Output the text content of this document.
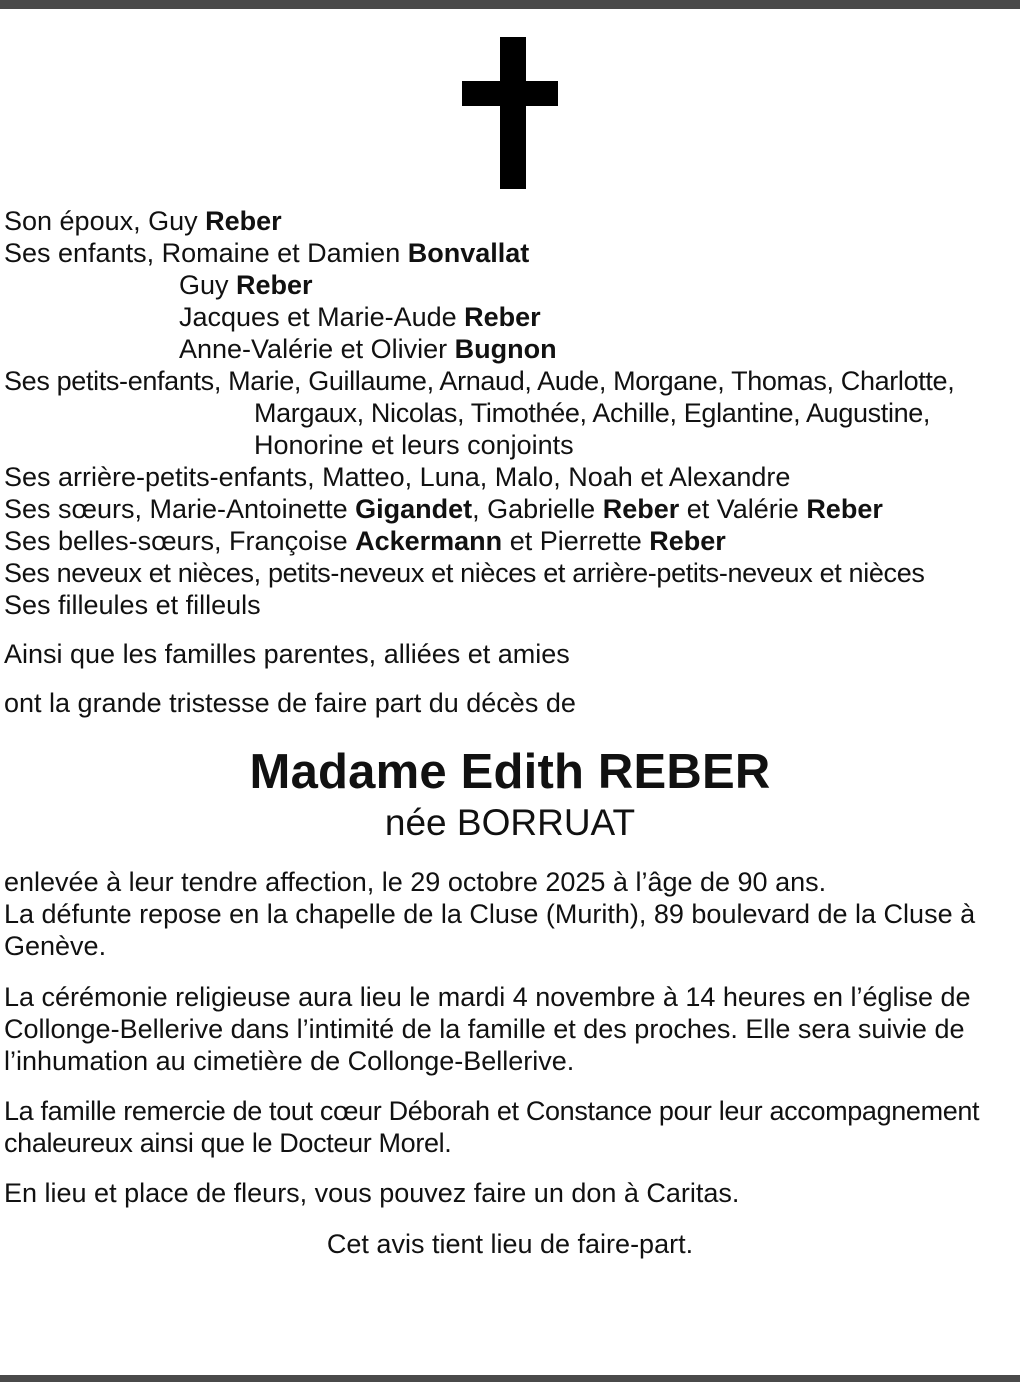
Son époux, Guy Reber
Ses enfants, Romaine et Damien Bonvallat
Guy Reber
Jacques et Marie-Aude Reber
Anne-Valérie et Olivier Bugnon
Ses petits-enfants, Marie, Guillaume, Arnaud, Aude, Morgane, Thomas, Charlotte,
Margaux, Nicolas, Timothée, Achille, Eglantine, Augustine,
Honorine et leurs conjoints
Ses arrière-petits-enfants, Matteo, Luna, Malo, Noah et Alexandre
Ses sœurs, Marie-Antoinette Gigandet, Gabrielle Reber et Valérie Reber
Ses belles-sœurs, Françoise Ackermann et Pierrette Reber
Ses neveux et nièces, petits-neveux et nièces et arrière-petits-neveux et nièces
Ses filleules et filleuls
Ainsi que les familles parentes, alliées et amies
ont la grande tristesse de faire part du décès de
Madame Edith REBER
née BORRUAT
enlevée à leur tendre affection, le 29 octobre 2025 à l’âge de 90 ans.
La défunte repose en la chapelle de la Cluse (Murith), 89 boulevard de la Cluse à Genève.
La cérémonie religieuse aura lieu le mardi 4 novembre à 14 heures en l’église de Collonge-Bellerive dans l’intimité de la famille et des proches. Elle sera suivie de l’inhumation au cimetière de Collonge-Bellerive.
La famille remercie de tout cœur Déborah et Constance pour leur accompagnement chaleureux ainsi que le Docteur Morel.
En lieu et place de fleurs, vous pouvez faire un don à Caritas.
Cet avis tient lieu de faire-part.
